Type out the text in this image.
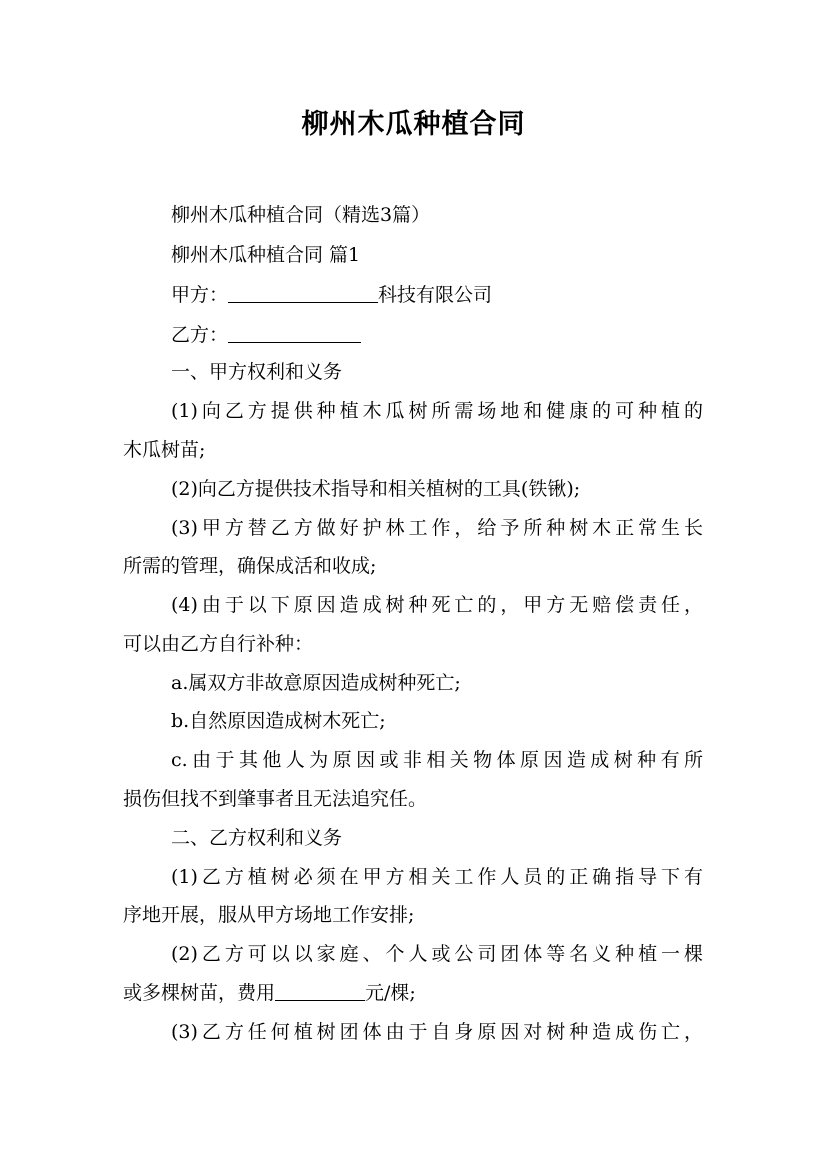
柳州木瓜种植合同
柳州木瓜种植合同（精选3篇）
柳州木瓜种植合同 篇1
甲方：	科技有限公司
乙方：
一、甲方权利和义务
(1)向乙方提供种植木瓜树所需场地和健康的可种植的
木瓜树苗;
(2)向乙方提供技术指导和相关植树的工具(铁锹);
(3)甲方替乙方做好护林工作，给予所种树木正常生长
所需的管理，确保成活和收成;
(4)由于以下原因造成树种死亡的，甲方无赔偿责任，
可以由乙方自行补种：
a.属双方非故意原因造成树种死亡;
b.自然原因造成树木死亡;
c.由于其他人为原因或非相关物体原因造成树种有所
损伤但找不到肇事者且无法追究任。
二、乙方权利和义务
(1)乙方植树必须在甲方相关工作人员的正确指导下有
序地开展，服从甲方场地工作安排;
(2)乙方可以以家庭、个人或公司团体等名义种植一棵
或多棵树苗，费用	元/棵;
(3)乙方任何植树团体由于自身原因对树种造成伤亡，
